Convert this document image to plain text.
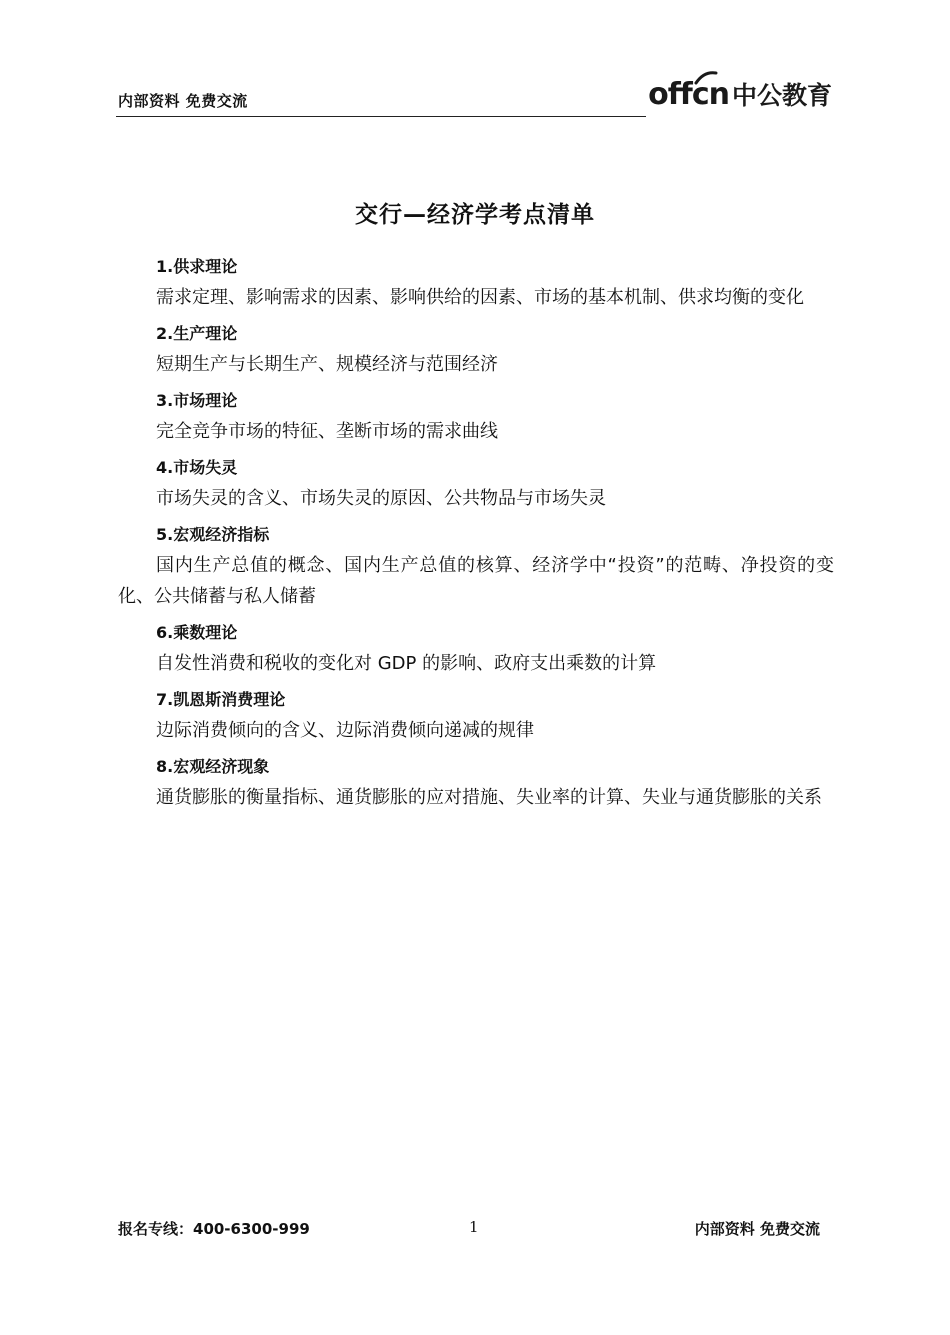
内部资料 免费交流	offcn 中公教育
交行—经济学考点清单

1.供求理论

需求定理、影响需求的因素、影响供给的因素、市场的基本机制、供求均衡的变化

2.生产理论

短期生产与长期生产、规模经济与范围经济

3.市场理论

完全竞争市场的特征、垄断市场的需求曲线

4.市场失灵

市场失灵的含义、市场失灵的原因、公共物品与市场失灵

5.宏观经济指标

国内生产总值的概念、国内生产总值的核算、经济学中“投资”的范畴、净投资的变化、公共储蓄与私人储蓄

6.乘数理论

自发性消费和税收的变化对 GDP 的影响、政府支出乘数的计算

7.凯恩斯消费理论

边际消费倾向的含义、边际消费倾向递减的规律

8.宏观经济现象

通货膨胀的衡量指标、通货膨胀的应对措施、失业率的计算、失业与通货膨胀的关系

报名专线：400-6300-999	1	内部资料 免费交流
